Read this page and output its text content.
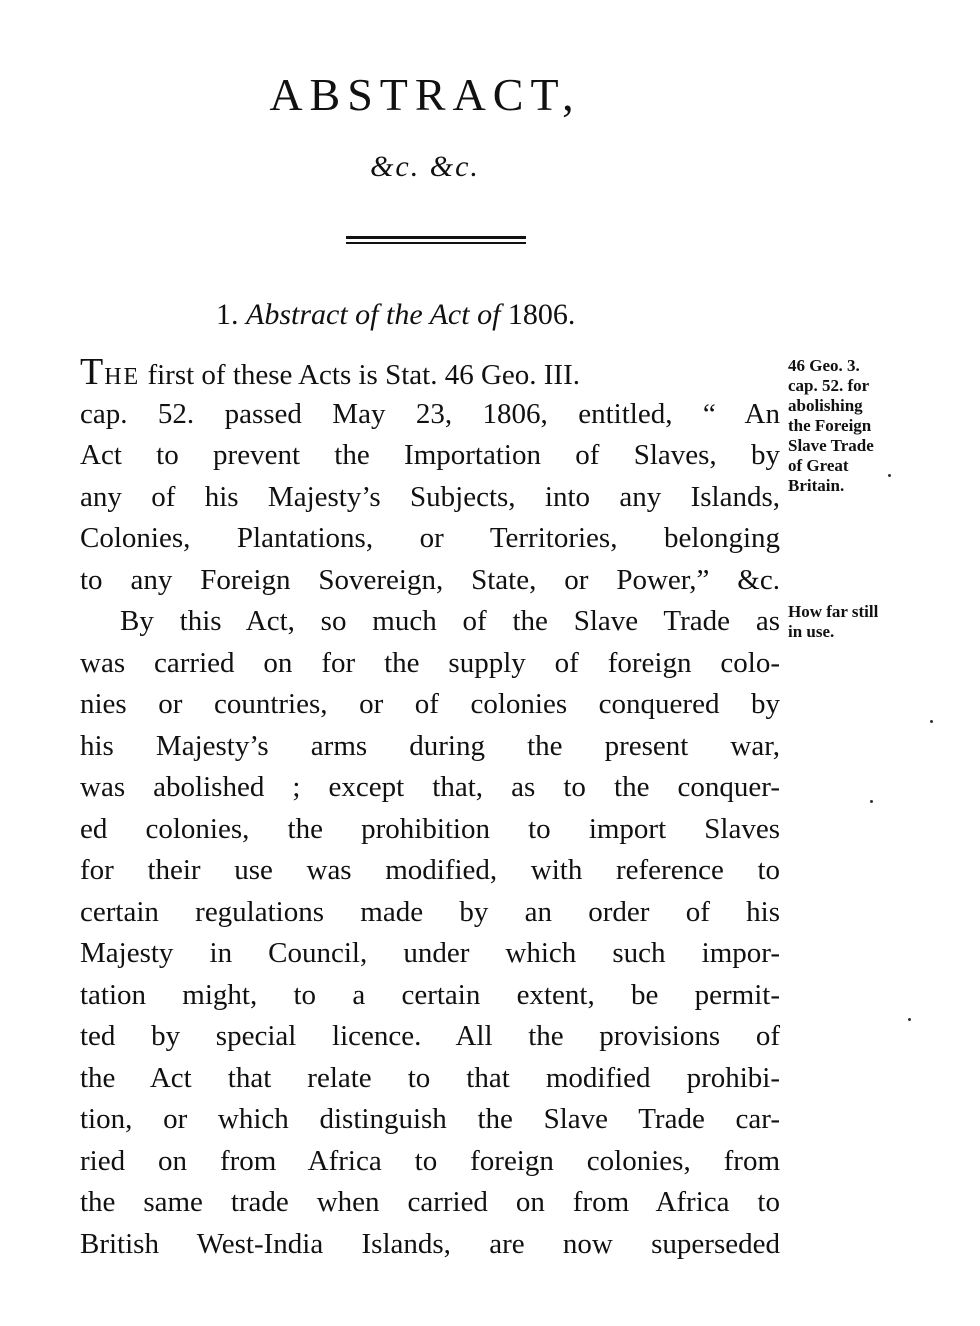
ABSTRACT,
&c. &c.
1. Abstract of the Act of 1806.
THE first of these Acts is Stat. 46 Geo. III.
cap. 52. passed May 23, 1806, entitled, “ An
Act to prevent the Importation of Slaves, by
any of his Majesty’s Subjects, into any Islands,
Colonies, Plantations, or Territories, belonging
to any Foreign Sovereign, State, or Power,” &c.
By this Act, so much of the Slave Trade as
was carried on for the supply of foreign colo-
nies or countries, or of colonies conquered by
his Majesty’s arms during the present war,
was abolished ; except that, as to the conquer-
ed colonies, the prohibition to import Slaves
for their use was modified, with reference to
certain regulations made by an order of his
Majesty in Council, under which such impor-
tation might, to a certain extent, be permit-
ted by special licence. All the provisions of
the Act that relate to that modified prohibi-
tion, or which distinguish the Slave Trade car-
ried on from Africa to foreign colonies, from
the same trade when carried on from Africa to
British West-India Islands, are now superseded
46 Geo. 3.
cap. 52. for
abolishing
the Foreign
Slave Trade
of Great
Britain.
How far still
in use.
